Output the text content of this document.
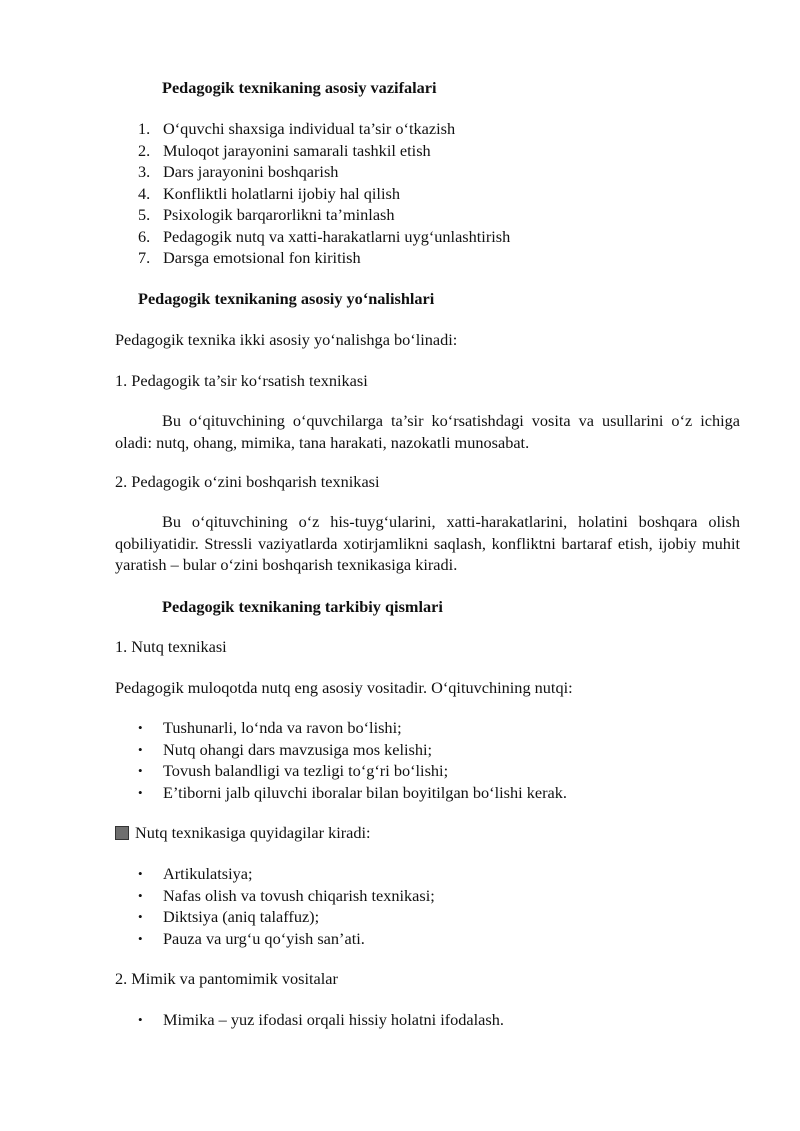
Pedagogik texnikaning asosiy vazifalari
1. O‘quvchi shaxsiga individual ta’sir o‘tkazish
2. Muloqot jarayonini samarali tashkil etish
3. Dars jarayonini boshqarish
4. Konfliktli holatlarni ijobiy hal qilish
5. Psixologik barqarorlikni ta’minlash
6. Pedagogik nutq va xatti-harakatlarni uyg‘unlashtirish
7. Darsga emotsional fon kiritish
Pedagogik texnikaning asosiy yo‘nalishlari
Pedagogik texnika ikki asosiy yo‘nalishga bo‘linadi:
1. Pedagogik ta’sir ko‘rsatish texnikasi
Bu o‘qituvchining o‘quvchilarga ta’sir ko‘rsatishdagi vosita va usullarini o‘z ichiga oladi: nutq, ohang, mimika, tana harakati, nazokatli munosabat.
2. Pedagogik o‘zini boshqarish texnikasi
Bu o‘qituvchining o‘z his-tuyg‘ularini, xatti-harakatlarini, holatini boshqara olish qobiliyatidir. Stressli vaziyatlarda xotirjamlikni saqlash, konfliktni bartaraf etish, ijobiy muhit yaratish – bular o‘zini boshqarish texnikasiga kiradi.
Pedagogik texnikaning tarkibiy qismlari
1. Nutq texnikasi
Pedagogik muloqotda nutq eng asosiy vositadir. O‘qituvchining nutqi:
• Tushunarli, lo‘nda va ravon bo‘lishi;
• Nutq ohangi dars mavzusiga mos kelishi;
• Tovush balandligi va tezligi to‘g‘ri bo‘lishi;
• E’tiborni jalb qiluvchi iboralar bilan boyitilgan bo‘lishi kerak.
Nutq texnikasiga quyidagilar kiradi:
• Artikulatsiya;
• Nafas olish va tovush chiqarish texnikasi;
• Diktsiya (aniq talaffuz);
• Pauza va urg‘u qo‘yish san’ati.
2. Mimik va pantomimik vositalar
• Mimika – yuz ifodasi orqali hissiy holatni ifodalash.
